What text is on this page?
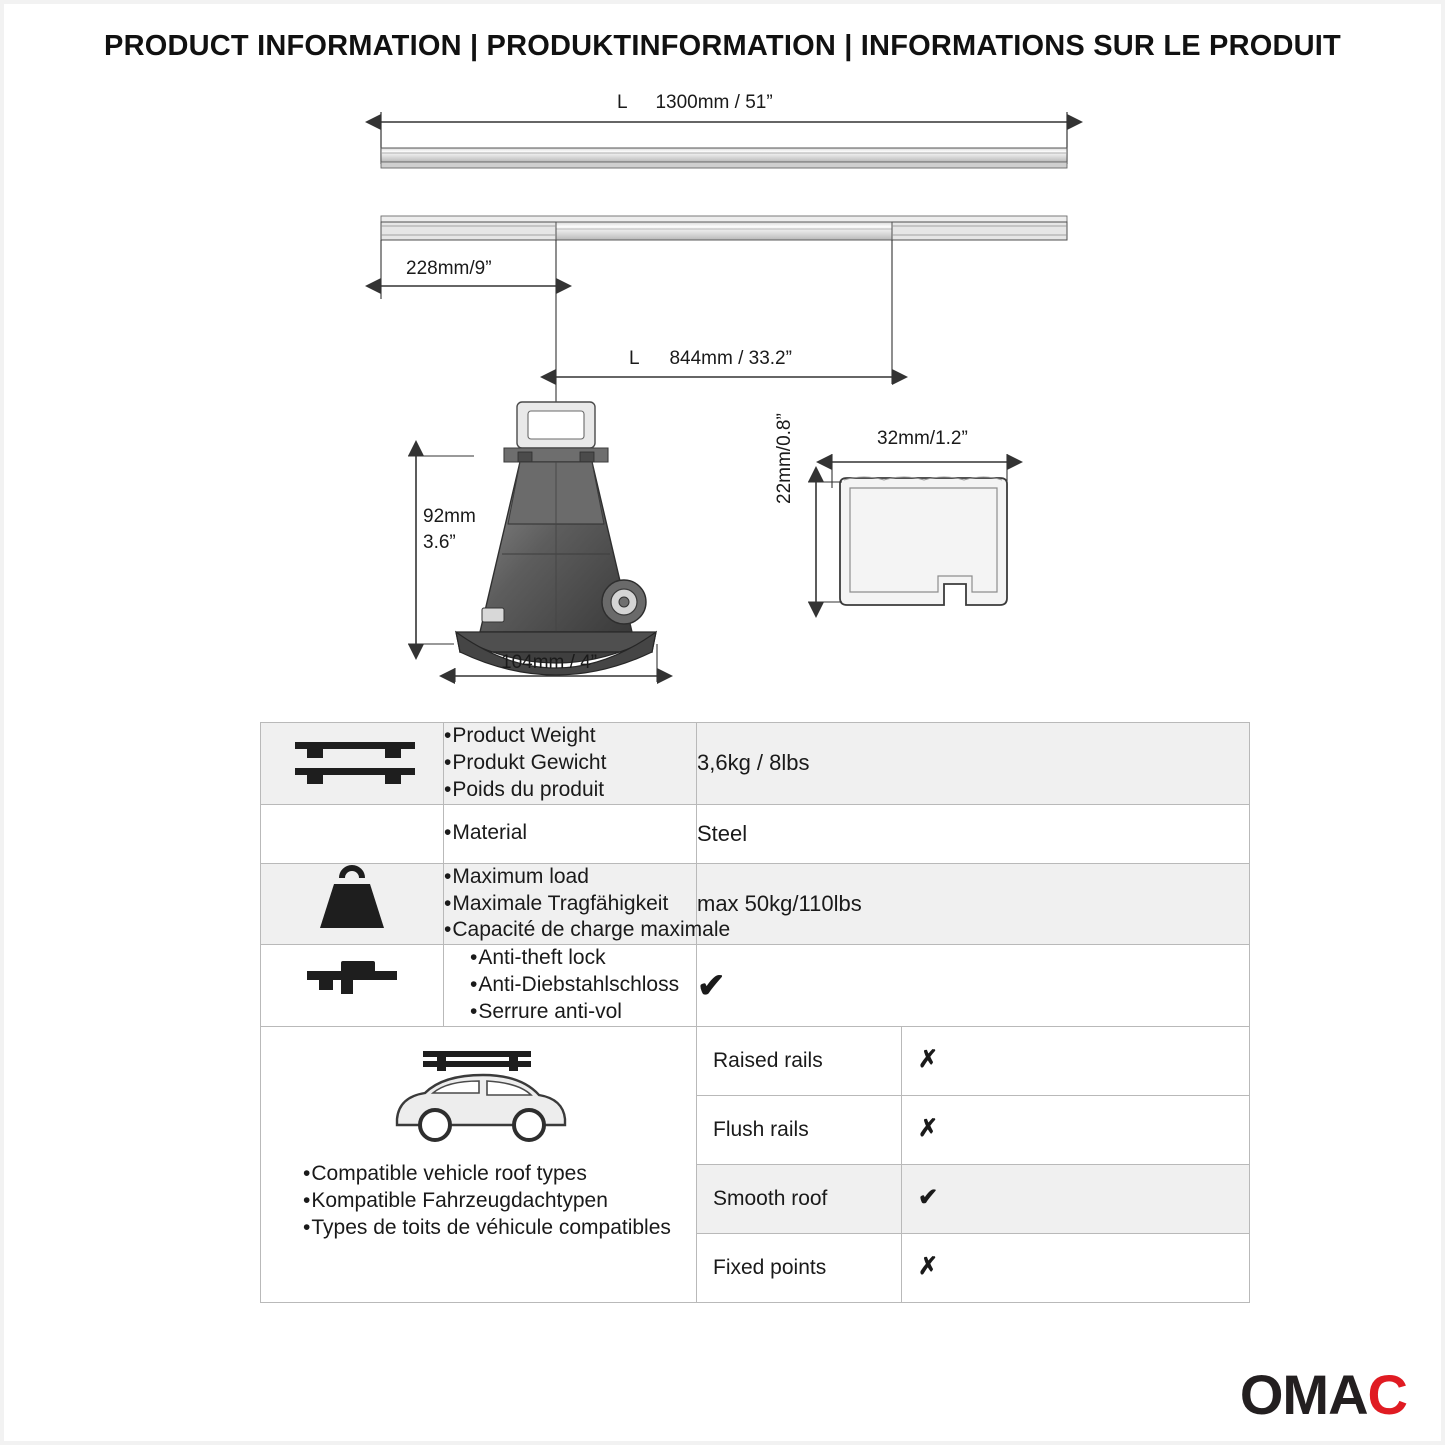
PRODUCT INFORMATION | PRODUKTINFORMATION | INFORMATIONS SUR LE PRODUIT
L 1300mm / 51”
228mm/9”
L 844mm / 33.2”
92mm
3.6”
104mm / 4”
32mm/1.2”
22mm/0.8”

• Product Weight
• Produkt Gewicht
• Poids du produit
	3,6kg / 8lbs

• Material	Steel

• Maximum load
• Maximale Tragfähigkeit
• Capacité de charge maximale
	max 50kg/110lbs

• Anti-theft lock
• Anti-Diebstahlschloss
• Serrure anti-vol
	✔

• Compatible vehicle roof types
• Kompatible Fahrzeugdachtypen
• Types de toits de véhicule compatibles

Raised rails	✗
Flush rails	✗
Smooth roof	✔
Fixed points	✗
OMAC
